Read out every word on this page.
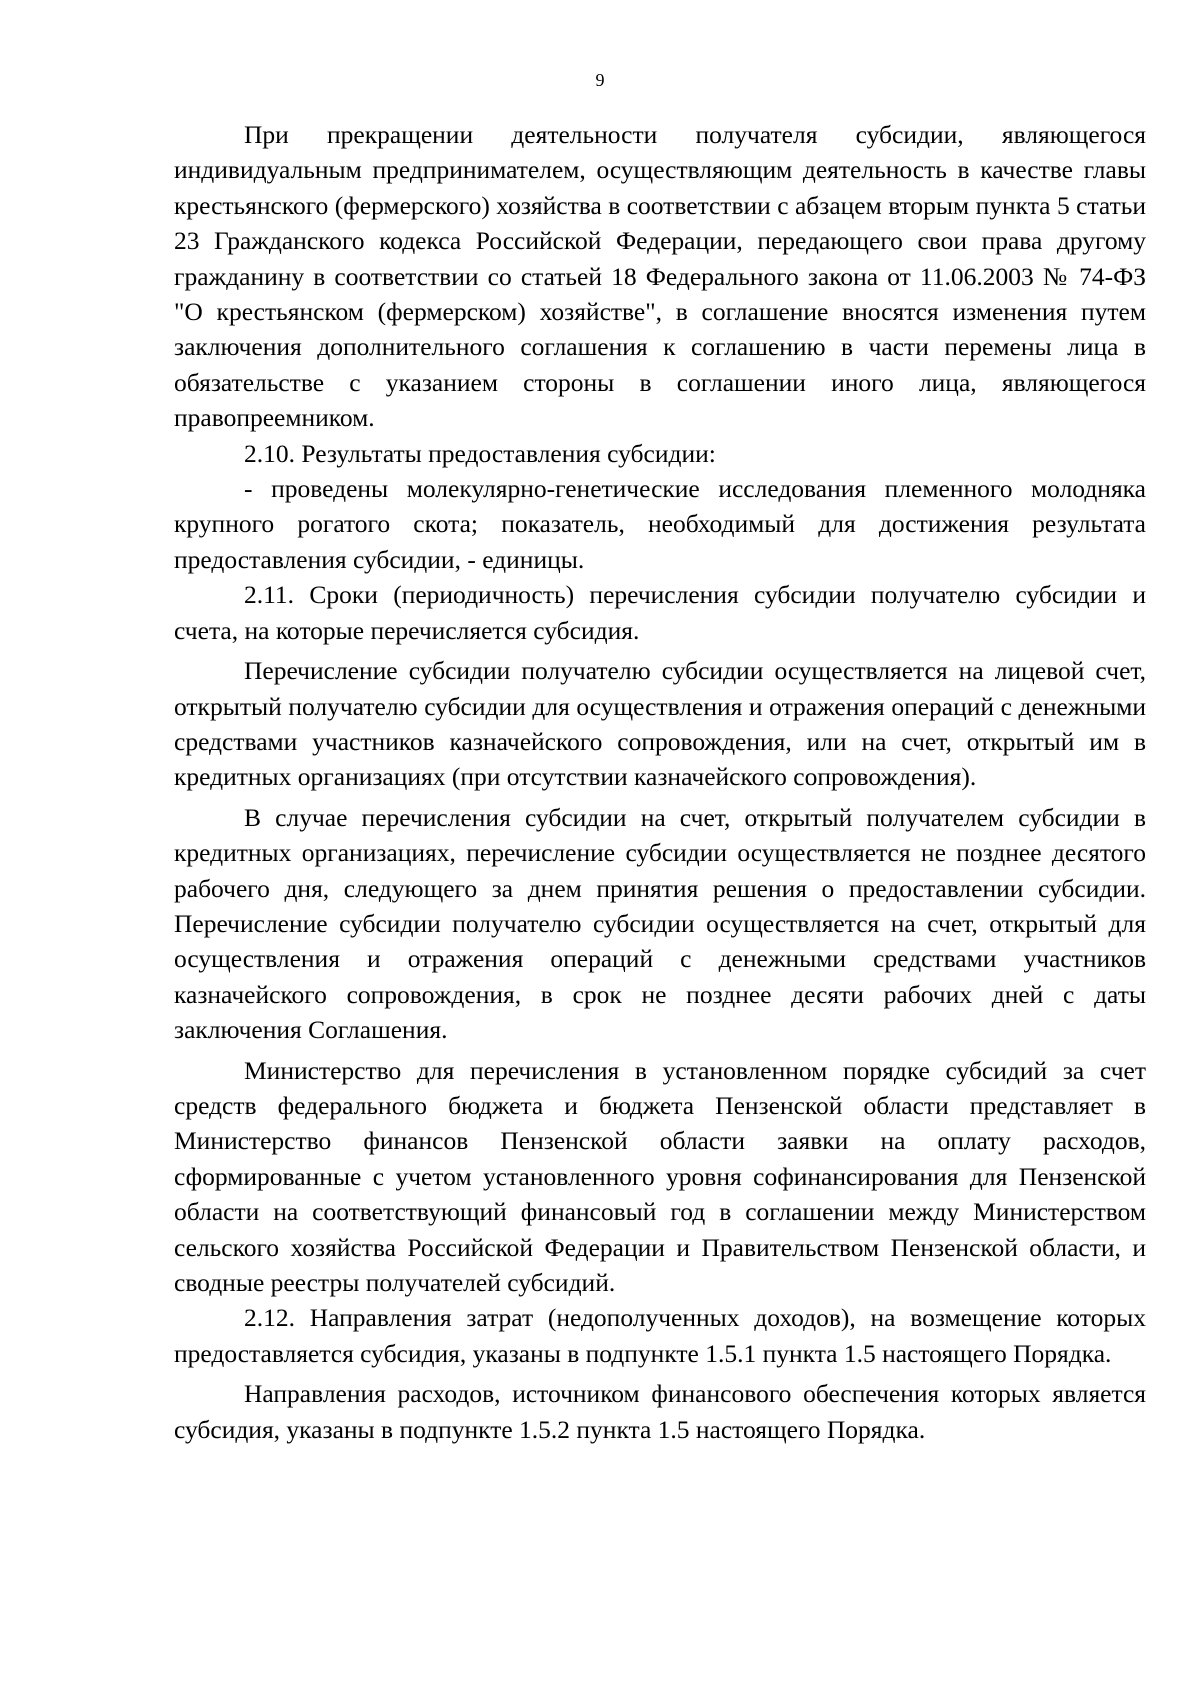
9

При прекращении деятельности получателя субсидии, являющегося индивидуальным предпринимателем, осуществляющим деятельность в качестве главы крестьянского (фермерского) хозяйства в соответствии с абзацем вторым пункта 5 статьи 23 Гражданского кодекса Российской Федерации, передающего свои права другому гражданину в соответствии со статьей 18 Федерального закона от 11.06.2003 № 74-ФЗ "О крестьянском (фермерском) хозяйстве", в соглашение вносятся изменения путем заключения дополнительного соглашения к соглашению в части перемены лица в обязательстве с указанием стороны в соглашении иного лица, являющегося правопреемником.

2.10. Результаты предоставления субсидии:

- проведены молекулярно-генетические исследования племенного молодняка крупного рогатого скота; показатель, необходимый для достижения результата предоставления субсидии, - единицы.

2.11. Сроки (периодичность) перечисления субсидии получателю субсидии и счета, на которые перечисляется субсидия.

Перечисление субсидии получателю субсидии осуществляется на лицевой счет, открытый получателю субсидии для осуществления и отражения операций с денежными средствами участников казначейского сопровождения, или на счет, открытый им в кредитных организациях (при отсутствии казначейского сопровождения).

В случае перечисления субсидии на счет, открытый получателем субсидии в кредитных организациях, перечисление субсидии осуществляется не позднее десятого рабочего дня, следующего за днем принятия решения о предоставлении субсидии. Перечисление субсидии получателю субсидии осуществляется на счет, открытый для осуществления и отражения операций с денежными средствами участников казначейского сопровождения, в срок не позднее десяти рабочих дней с даты заключения Соглашения.

Министерство для перечисления в установленном порядке субсидий за счет средств федерального бюджета и бюджета Пензенской области представляет в Министерство финансов Пензенской области заявки на оплату расходов, сформированные с учетом установленного уровня софинансирования для Пензенской области на соответствующий финансовый год в соглашении между Министерством сельского хозяйства Российской Федерации и Правительством Пензенской области, и сводные реестры получателей субсидий.

2.12. Направления затрат (недополученных доходов), на возмещение которых предоставляется субсидия, указаны в подпункте 1.5.1 пункта 1.5 настоящего Порядка.

Направления расходов, источником финансового обеспечения которых является субсидия, указаны в подпункте 1.5.2 пункта 1.5 настоящего Порядка.
